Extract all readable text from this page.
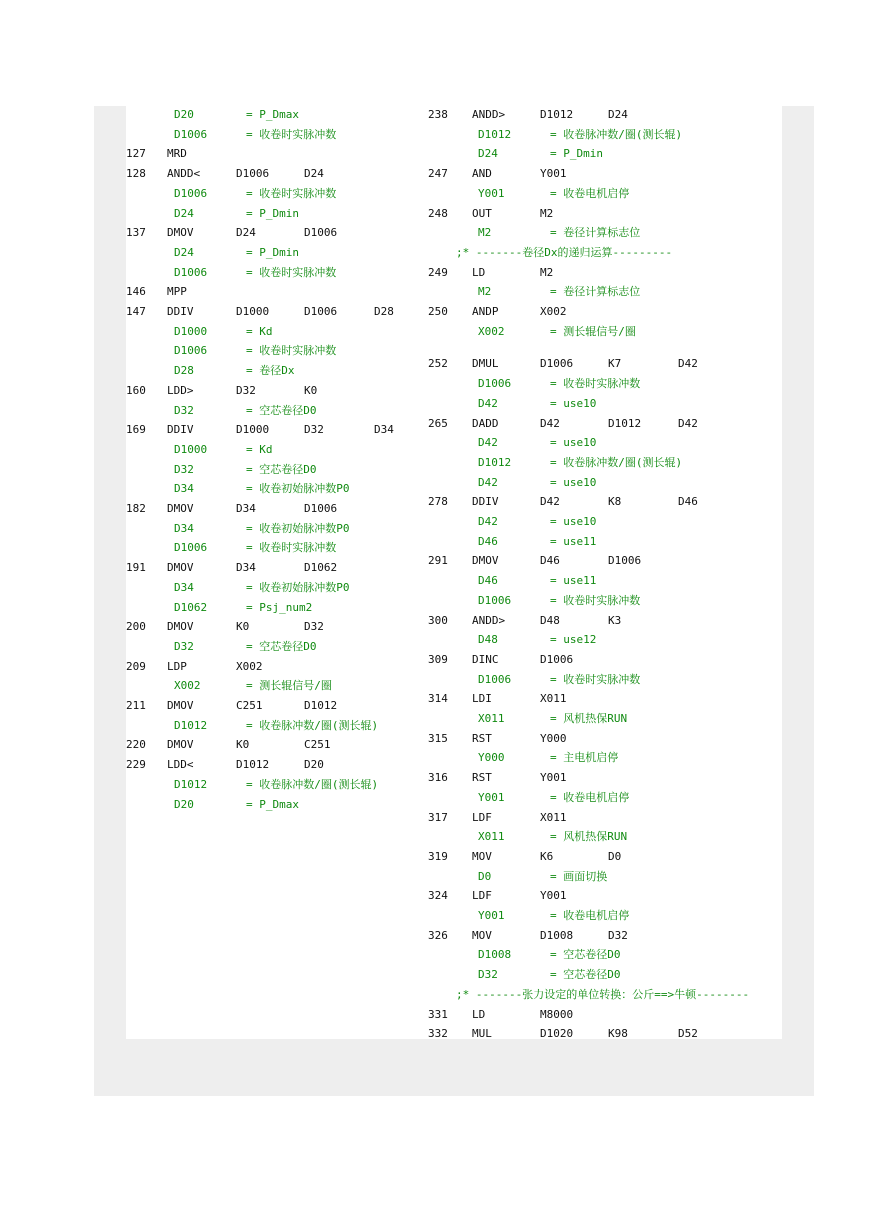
D20	= P_Dmax
D1006	= 收卷时实脉冲数
127 MRD
128 ANDD<	D1006	D24
D1006	= 收卷时实脉冲数
D24	= P_Dmin
137 DMOV	D24	D1006
D24	= P_Dmin
D1006	= 收卷时实脉冲数
146 MPP
147 DDIV	D1000	D1006	D28
D1000	= Kd
D1006	= 收卷时实脉冲数
D28	= 卷径Dx
160 LDD>	D32	K0
D32	= 空芯卷径D0
169 DDIV	D1000	D32	D34
D1000	= Kd
D32	= 空芯卷径D0
D34	= 收卷初始脉冲数P0
182 DMOV	D34	D1006
D34	= 收卷初始脉冲数P0
D1006	= 收卷时实脉冲数
191 DMOV	D34	D1062
D34	= 收卷初始脉冲数P0
D1062	= Psj_num2
200 DMOV	K0	D32
D32	= 空芯卷径D0
209 LDP	X002
X002	= 测长辊信号/圈
211 DMOV	C251	D1012
D1012	= 收卷脉冲数/圈(测长辊)
220 DMOV	K0	C251
229 LDD<	D1012	D20
D1012	= 收卷脉冲数/圈(测长辊)
D20	= P_Dmax
238 ANDD>	D1012	D24
D1012	= 收卷脉冲数/圈(测长辊)
D24	= P_Dmin
247 AND	Y001
Y001	= 收卷电机启停
248 OUT	M2
M2	= 卷径计算标志位
;* -------卷径Dx的递归运算---------
249 LD	M2
M2	= 卷径计算标志位
250 ANDP	X002
X002	= 测长辊信号/圈
252 DMUL	D1006	K7	D42
D1006	= 收卷时实脉冲数
D42	= use10
265 DADD	D42	D1012	D42
D42	= use10
D1012	= 收卷脉冲数/圈(测长辊)
D42	= use10
278 DDIV	D42	K8	D46
D42	= use10
D46	= use11
291 DMOV	D46	D1006
D46	= use11
D1006	= 收卷时实脉冲数
300 ANDD>	D48	K3
D48	= use12
309 DINC	D1006
D1006	= 收卷时实脉冲数
314 LDI	X011
X011	= 风机热保RUN
315 RST	Y000
Y000	= 主电机启停
316 RST	Y001
Y001	= 收卷电机启停
317 LDF	X011
X011	= 风机热保RUN
319 MOV	K6	D0
D0	= 画面切换
324 LDF	Y001
Y001	= 收卷电机启停
326 MOV	D1008	D32
D1008	= 空芯卷径D0
D32	= 空芯卷径D0
;* -------张力设定的单位转换：公斤==>牛顿--------
331 LD	M8000
332 MUL	D1020	K98	D52
